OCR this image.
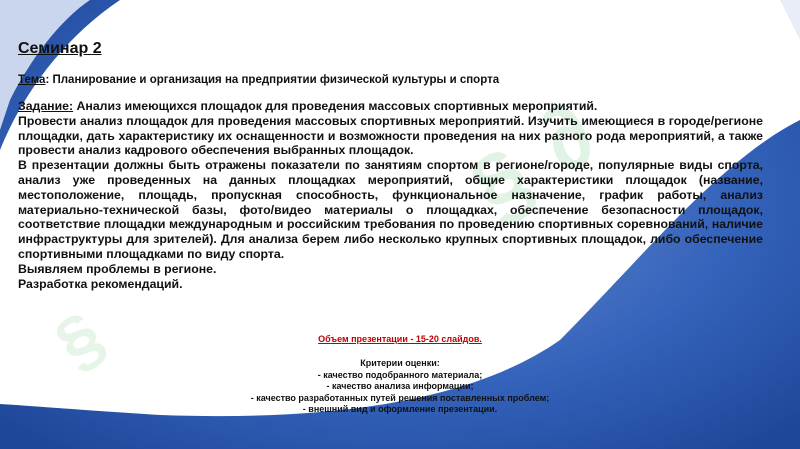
§ ∂
§
Семинар 2
Тема: Планирование и организация на предприятии физической культуры и спорта

Задание: Анализ имеющихся площадок для проведения массовых спортивных мероприятий.

Провести анализ площадок для проведения массовых спортивных мероприятий. Изучить имеющиеся в городе/регионе площадки, дать характеристику их оснащенности и возможности проведения на них разного рода мероприятий, а также провести анализ кадрового обеспечения выбранных площадок.

В презентации должны быть отражены показатели по занятиям спортом в регионе/городе, популярные виды спорта, анализ уже проведенных на данных площадках мероприятий, общие характеристики площадок (название, местоположение, площадь, пропускная способность, функциональное назначение, график работы, анализ материально-технической базы, фото/видео материалы о площадках, обеспечение безопасности площадок, соответствие площадки международным и российским требования по проведению спортивных соревнований, наличие инфраструктуры для зрителей). Для анализа берем либо несколько крупных спортивных площадок, либо обеспечение спортивными площадками по виду спорта.

Выявляем проблемы в регионе.

Разработка рекомендаций.

Объем презентации - 15-20 слайдов.
Критерии оценки:
- качество подобранного материала;
- качество анализа информации;
- качество разработанных путей решения поставленных проблем;
- внешний вид и оформление презентации.
